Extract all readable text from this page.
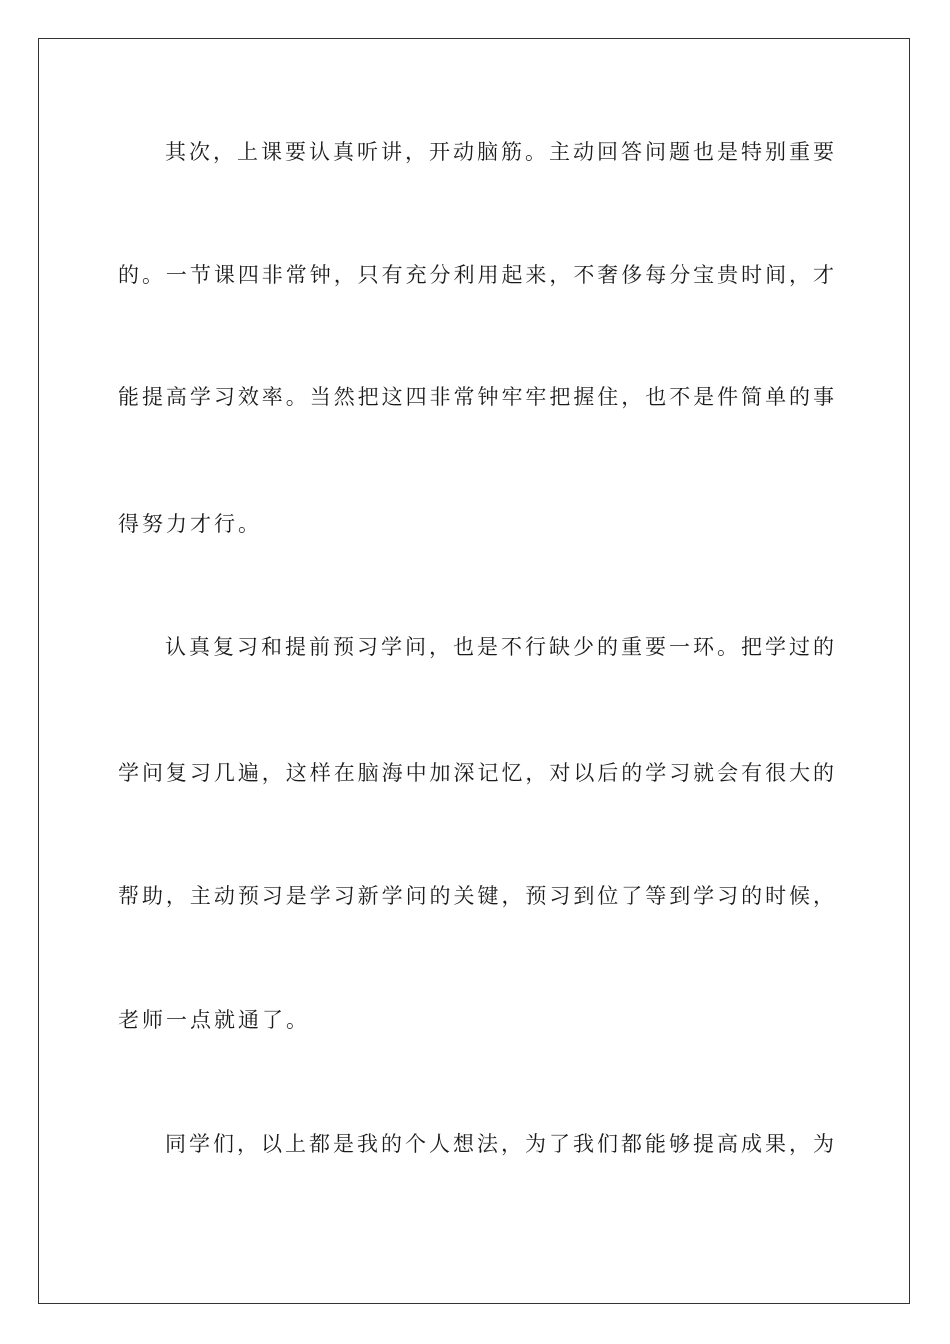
其次，上课要认真听讲，开动脑筋。主动回答问题也是特别重要
的。一节课四非常钟，只有充分利用起来，不奢侈每分宝贵时间，才
能提高学习效率。当然把这四非常钟牢牢把握住，也不是件简单的事
得努力才行。
认真复习和提前预习学问，也是不行缺少的重要一环。把学过的
学问复习几遍，这样在脑海中加深记忆，对以后的学习就会有很大的
帮助，主动预习是学习新学问的关键，预习到位了等到学习的时候，
老师一点就通了。
同学们，以上都是我的个人想法，为了我们都能够提高成果，为
